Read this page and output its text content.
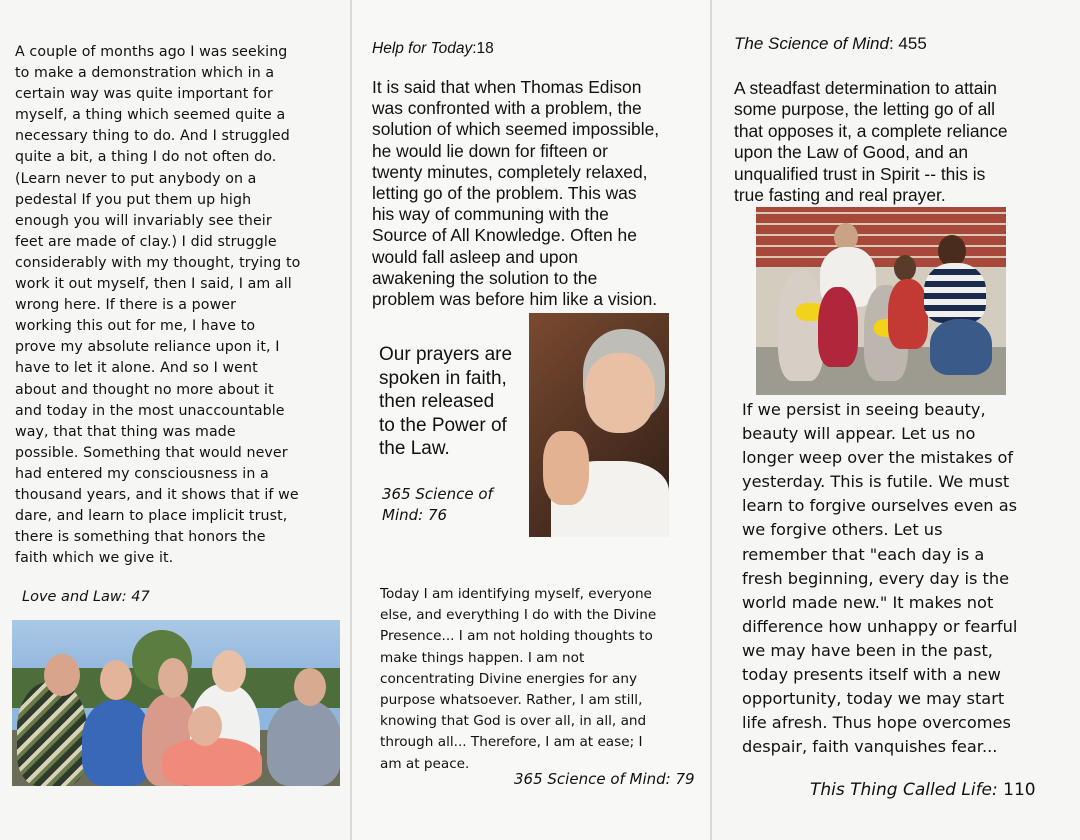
A couple of months ago I was seeking
to make a demonstration which in a
certain way was quite important for
myself, a thing which seemed quite a
necessary thing to do. And I struggled
quite a bit, a thing I do not often do.
(Learn never to put anybody on a
pedestal If you put them up high
enough you will invariably see their
feet are made of clay.) I did struggle
considerably with my thought, trying to
work it out myself, then I said, I am all
wrong here. If there is a power
working this out for me, I have to
prove my absolute reliance upon it, I
have to let it alone. And so I went
about and thought no more about it
and today in the most unaccountable
way, that that thing was made
possible. Something that would never
had entered my consciousness in a
thousand years, and it shows that if we
dare, and learn to place implicit trust,
there is something that honors the
faith which we give it.

Love and Law: 47
Help for Today:18

It is said that when Thomas Edison
was confronted with a problem, the
solution of which seemed impossible,
he would lie down for fifteen or
twenty minutes, completely relaxed,
letting go of the problem. This was
his way of communing with the
Source of All Knowledge. Often he
would fall asleep and upon
awakening the solution to the
problem was before him like a vision.

Our prayers are
spoken in faith,
then released
to the Power of
the Law.

365 Science of
Mind: 76

Today I am identifying myself, everyone
else, and everything I do with the Divine
Presence... I am not holding thoughts to
make things happen. I am not
concentrating Divine energies for any
purpose whatsoever. Rather, I am still,
knowing that God is over all, in all, and
through all... Therefore, I am at ease; I
am at peace.

365 Science of Mind: 79
The Science of Mind: 455

A steadfast determination to attain
some purpose, the letting go of all
that opposes it, a complete reliance
upon the Law of Good, and an
unqualified trust in Spirit -- this is
true fasting and real prayer.

If we persist in seeing beauty,
beauty will appear. Let us no
longer weep over the mistakes of
yesterday. This is futile. We must
learn to forgive ourselves even as
we forgive others. Let us
remember that "each day is a
fresh beginning, every day is the
world made new." It makes not
difference how unhappy or fearful
we may have been in the past,
today presents itself with a new
opportunity, today we may start
life afresh. Thus hope overcomes
despair, faith vanquishes fear...

This Thing Called Life: 110
